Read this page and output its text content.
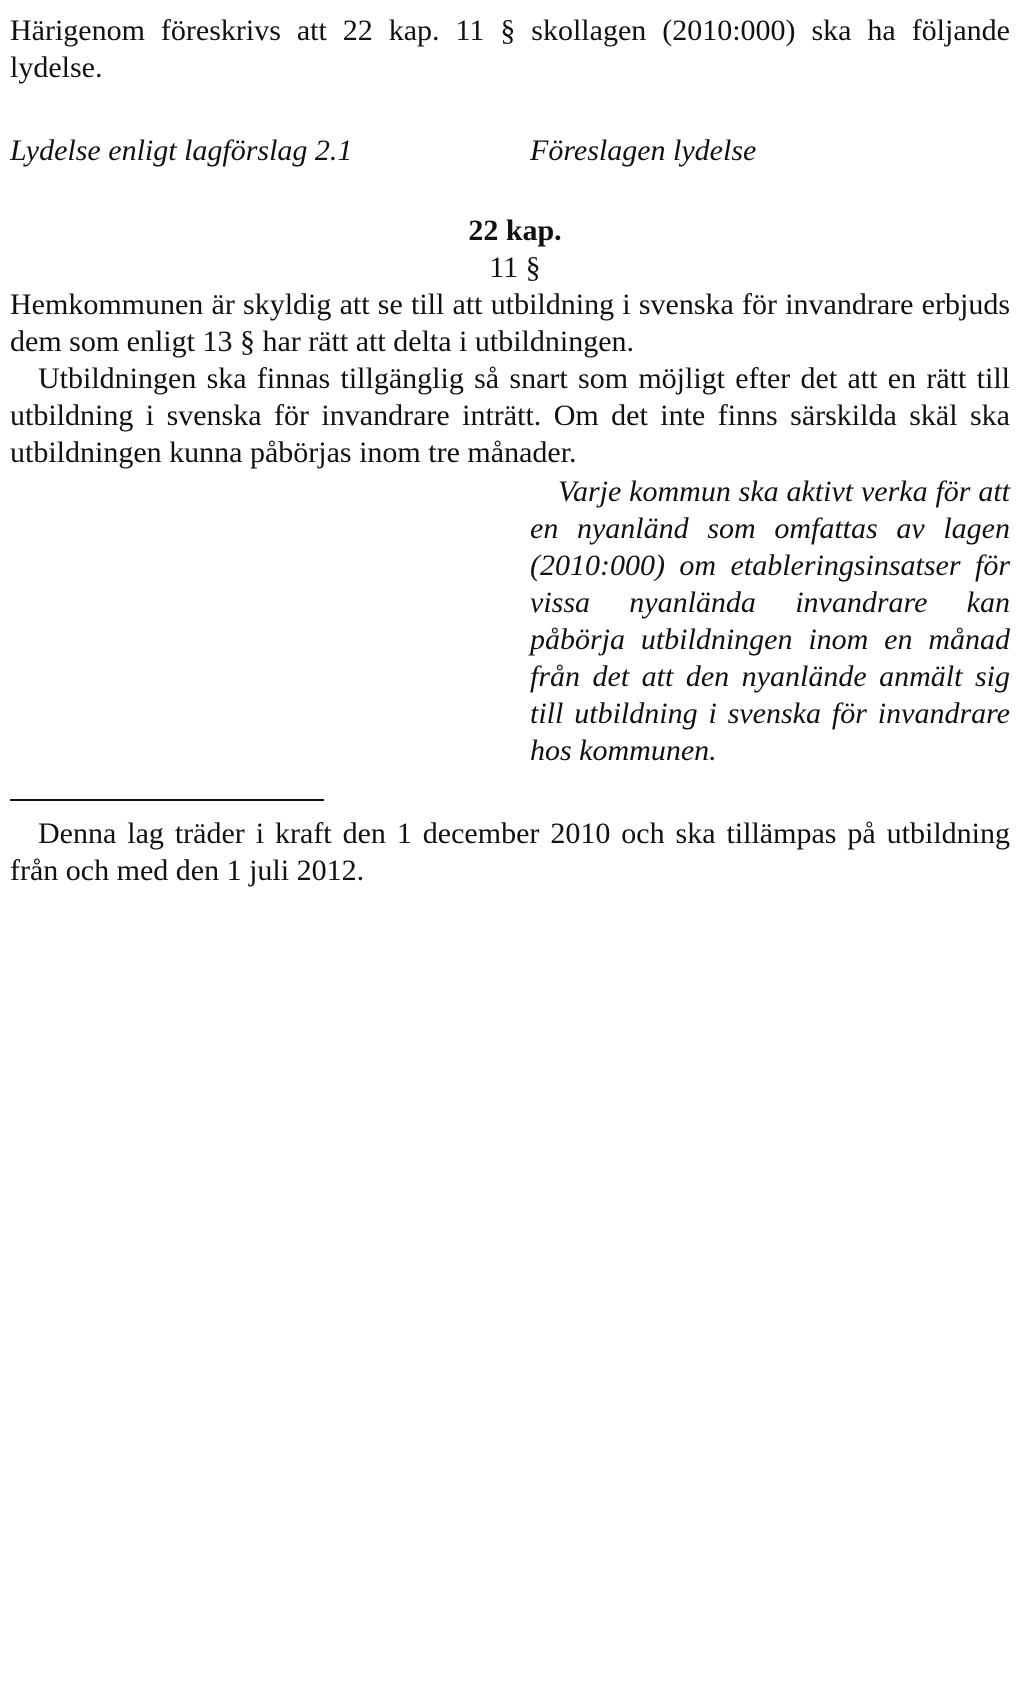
Härigenom föreskrivs att 22 kap. 11 § skollagen (2010:000) ska ha följande lydelse.

Lydelse enligt lagförslag 2.1	Föreslagen lydelse
22 kap.
11 §

Hemkommunen är skyldig att se till att utbildning i svenska för invandrare erbjuds dem som enligt 13 § har rätt att delta i utbildningen.

Utbildningen ska finnas tillgänglig så snart som möjligt efter det att en rätt till utbildning i svenska för invandrare inträtt. Om det inte finns särskilda skäl ska utbildningen kunna påbörjas inom tre månader.

Varje kommun ska aktivt verka för att en nyanländ som omfattas av lagen (2010:000) om etableringsinsatser för vissa nyanlända invandrare kan påbörja utbildningen inom en månad från det att den nyanlände anmält sig till utbildning i svenska för invandrare hos kommunen.

Denna lag träder i kraft den 1 december 2010 och ska tillämpas på utbildning från och med den 1 juli 2012.
